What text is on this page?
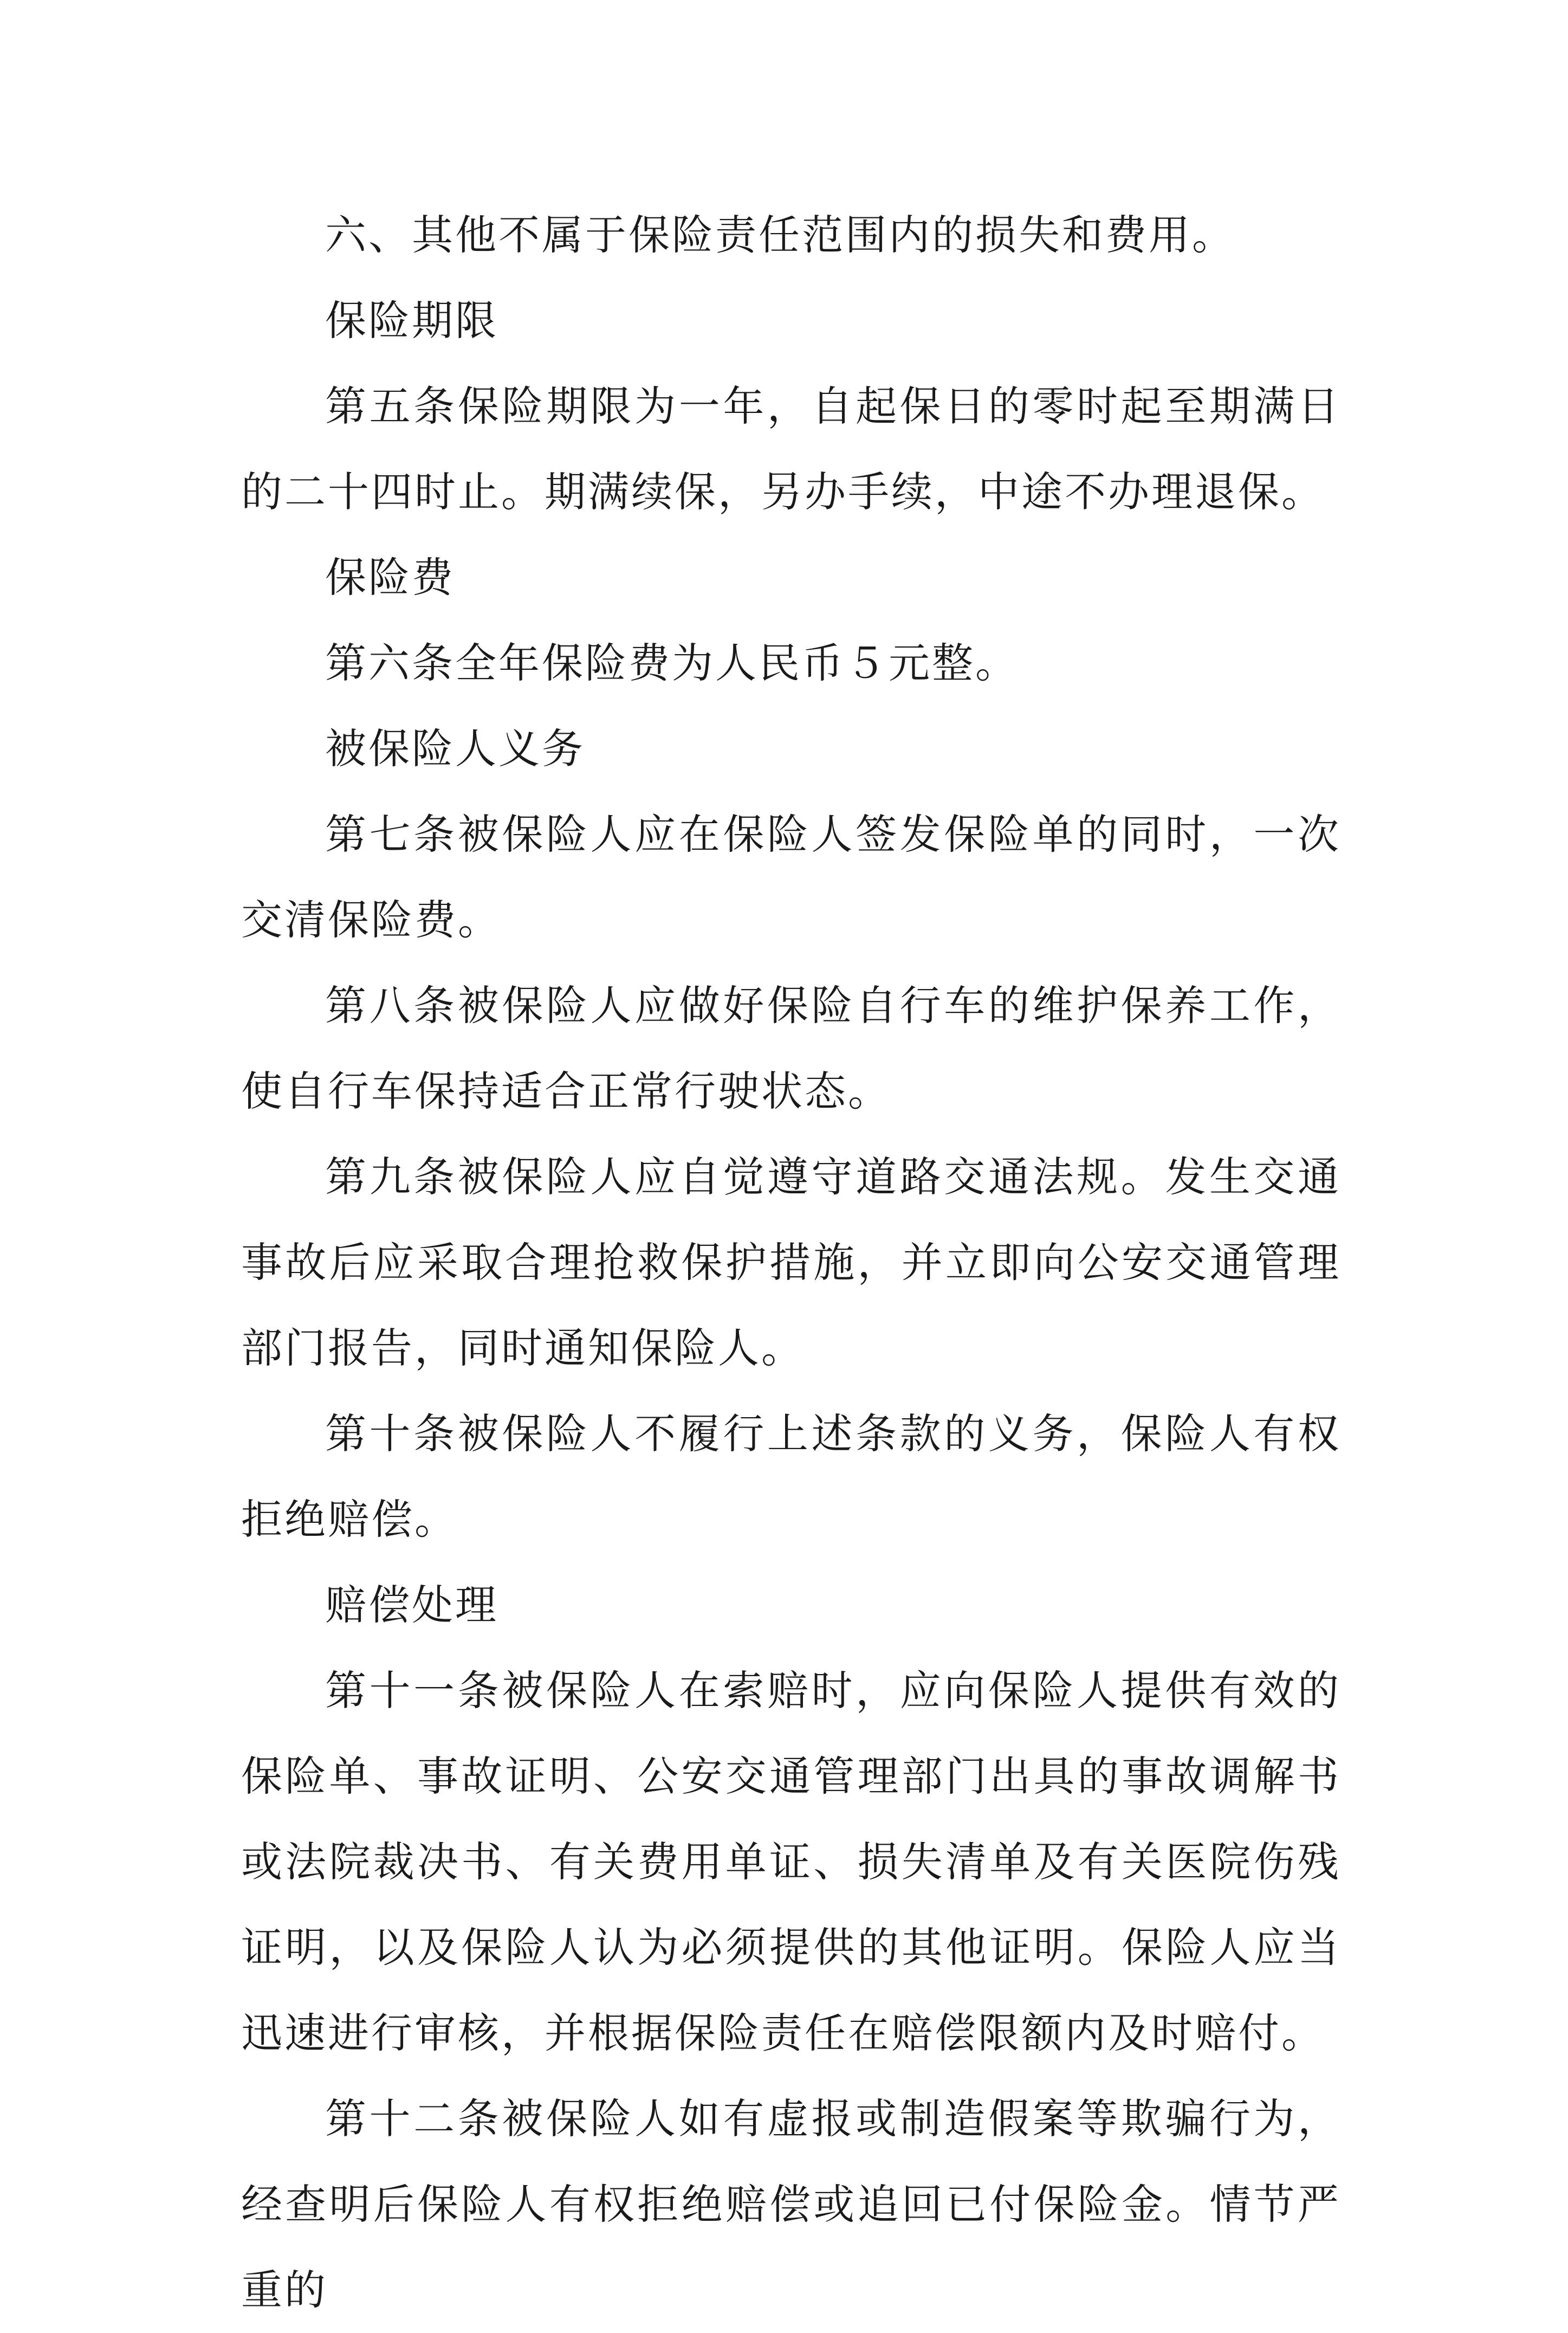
六、其他不属于保险责任范围内的损失和费用。

保险期限

第五条保险期限为一年，自起保日的零时起至期满日的二十四时止。期满续保，另办手续，中途不办理退保。

保险费

第六条全年保险费为人民币５元整。

被保险人义务

第七条被保险人应在保险人签发保险单的同时，一次交清保险费。

第八条被保险人应做好保险自行车的维护保养工作，使自行车保持适合正常行驶状态。

第九条被保险人应自觉遵守道路交通法规。发生交通事故后应采取合理抢救保护措施，并立即向公安交通管理部门报告，同时通知保险人。

第十条被保险人不履行上述条款的义务，保险人有权拒绝赔偿。

赔偿处理

第十一条被保险人在索赔时，应向保险人提供有效的保险单、事故证明、公安交通管理部门出具的事故调解书或法院裁决书、有关费用单证、损失清单及有关医院伤残证明，以及保险人认为必须提供的其他证明。保险人应当迅速进行审核，并根据保险责任在赔偿限额内及时赔付。

第十二条被保险人如有虚报或制造假案等欺骗行为，经查明后保险人有权拒绝赔偿或追回已付保险金。情节严重的
